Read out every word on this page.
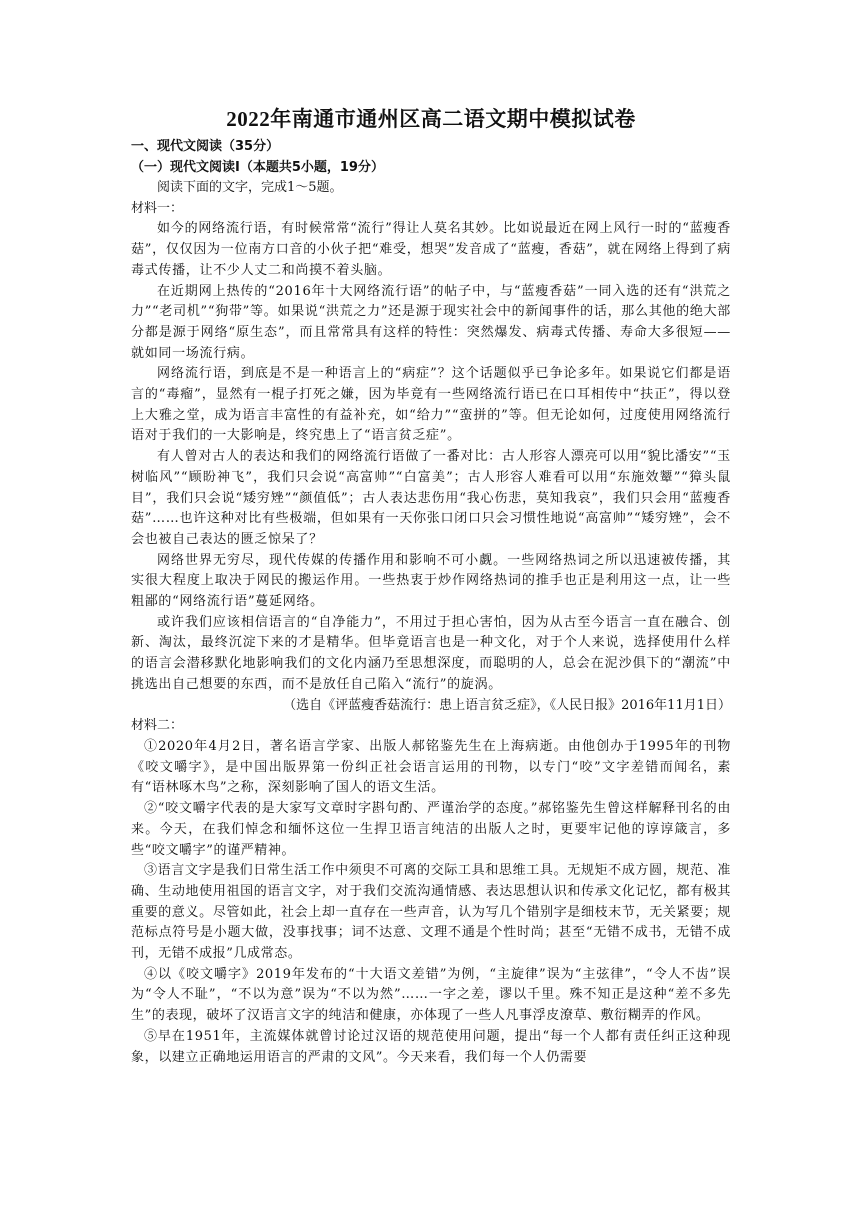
2022年南通市通州区高二语文期中模拟试卷
一、现代文阅读（35分）
（一）现代文阅读Ⅰ（本题共5小题，19分）
阅读下面的文字，完成1～5题。
材料一：

如今的网络流行语，有时候常常“流行”得让人莫名其妙。比如说最近在网上风行一时的“蓝瘦香菇”，仅仅因为一位南方口音的小伙子把“难受，想哭”发音成了“蓝瘦，香菇”，就在网络上得到了病毒式传播，让不少人丈二和尚摸不着头脑。

在近期网上热传的“2016年十大网络流行语”的帖子中，与“蓝瘦香菇”一同入选的还有“洪荒之力”“老司机”“狗带”等。如果说“洪荒之力”还是源于现实社会中的新闻事件的话，那么其他的绝大部分都是源于网络“原生态”，而且常常具有这样的特性：突然爆发、病毒式传播、寿命大多很短——就如同一场流行病。

网络流行语，到底是不是一种语言上的“病症”？这个话题似乎已争论多年。如果说它们都是语言的“毒瘤”，显然有一棍子打死之嫌，因为毕竟有一些网络流行语已在口耳相传中“扶正”，得以登上大雅之堂，成为语言丰富性的有益补充，如“给力”“蛮拼的”等。但无论如何，过度使用网络流行语对于我们的一大影响是，终究患上了“语言贫乏症”。

有人曾对古人的表达和我们的网络流行语做了一番对比：古人形容人漂亮可以用“貌比潘安”“玉树临风”“顾盼神飞”，我们只会说“高富帅”“白富美”；古人形容人难看可以用“东施效颦”“獐头鼠目”，我们只会说“矮穷矬”“颜值低”；古人表达悲伤用“我心伤悲，莫知我哀”，我们只会用“蓝瘦香菇”……也许这种对比有些极端，但如果有一天你张口闭口只会习惯性地说“高富帅”“矮穷矬”，会不会也被自己表达的匮乏惊呆了？

网络世界无穷尽，现代传媒的传播作用和影响不可小觑。一些网络热词之所以迅速被传播，其实很大程度上取决于网民的搬运作用。一些热衷于炒作网络热词的推手也正是利用这一点，让一些粗鄙的“网络流行语”蔓延网络。

或许我们应该相信语言的“自净能力”，不用过于担心害怕，因为从古至今语言一直在融合、创新、淘汰，最终沉淀下来的才是精华。但毕竟语言也是一种文化，对于个人来说，选择使用什么样的语言会潜移默化地影响我们的文化内涵乃至思想深度，而聪明的人，总会在泥沙俱下的“潮流”中挑选出自己想要的东西，而不是放任自己陷入“流行”的旋涡。

（选自《评蓝瘦香菇流行：患上语言贫乏症》，《人民日报》2016年11月1日）
材料二：

①2020年4月2日，著名语言学家、出版人郝铭鉴先生在上海病逝。由他创办于1995年的刊物《咬文嚼字》，是中国出版界第一份纠正社会语言运用的刊物，以专门“咬”文字差错而闻名，素有“语林啄木鸟”之称，深刻影响了国人的语文生活。

②“咬文嚼字代表的是大家写文章时字斟句酌、严谨治学的态度。”郝铭鉴先生曾这样解释刊名的由来。今天，在我们悼念和缅怀这位一生捍卫语言纯洁的出版人之时，更要牢记他的谆谆箴言，多些“咬文嚼字”的谨严精神。

③语言文字是我们日常生活工作中须臾不可离的交际工具和思维工具。无规矩不成方圆，规范、准确、生动地使用祖国的语言文字，对于我们交流沟通情感、表达思想认识和传承文化记忆，都有极其重要的意义。尽管如此，社会上却一直存在一些声音，认为写几个错别字是细枝末节，无关紧要；规范标点符号是小题大做，没事找事；词不达意、文理不通是个性时尚；甚至“无错不成书，无错不成刊，无错不成报”几成常态。

④以《咬文嚼字》2019年发布的“十大语文差错”为例，“主旋律”误为“主弦律”，“令人不齿”误为“令人不耻”，“不以为意”误为“不以为然”……一字之差，谬以千里。殊不知正是这种“差不多先生”的表现，破坏了汉语言文字的纯洁和健康，亦体现了一些人凡事浮皮潦草、敷衍糊弄的作风。

⑤早在1951年，主流媒体就曾讨论过汉语的规范使用问题，提出“每一个人都有责任纠正这种现象，以建立正确地运用语言的严肃的文风”。今天来看，我们每一个人仍需要
